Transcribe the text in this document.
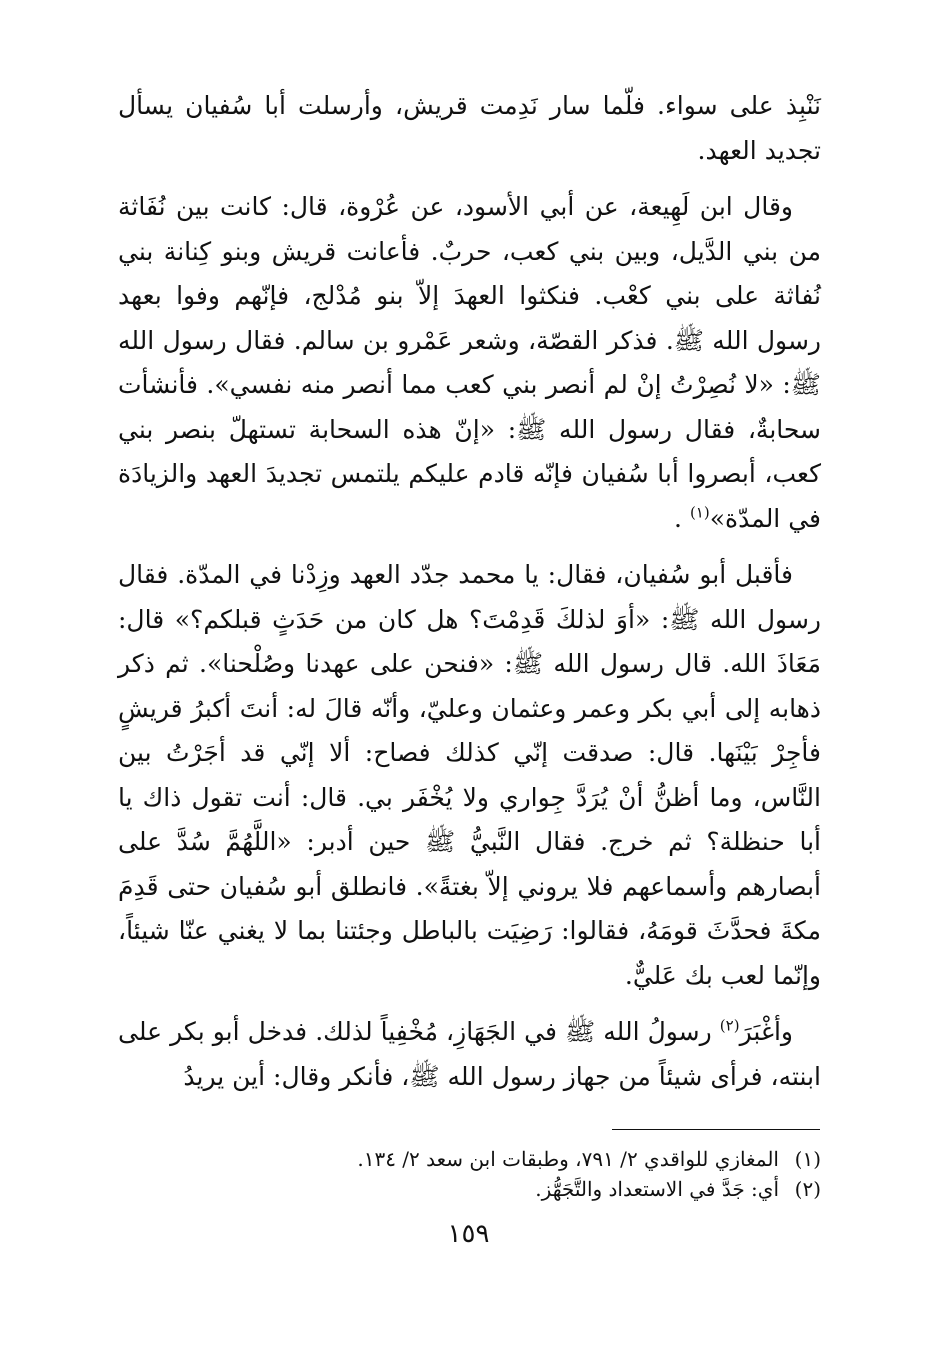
نَنْبِذ على سواء. فلّما سار نَدِمت قريش، وأرسلت أبا سُفيان يسأل تجديد العهد.

وقال ابن لَهِيعة، عن أبي الأسود، عن عُرْوة، قال: كانت بين نُفَاثة من بني الدَّيل، وبين بني كعب، حربٌ. فأعانت قريش وبنو كِنانة بني نُفاثة على بني كعْب. فنكثوا العهدَ إلاّ بنو مُدْلج، فإنّهم وفوا بعهد رسول الله ﷺ. فذكر القصّة، وشعر عَمْرو بن سالم. فقال رسول الله ﷺ: «لا نُصِرْتُ إنْ لم أنصر بني كعب مما أنصر منه نفسي». فأنشأت سحابةٌ، فقال رسول الله ﷺ: «إنّ هذه السحابة تستهلّ بنصر بني كعب، أبصروا أبا سُفيان فإنّه قادم عليكم يلتمس تجديدَ العهد والزيادَة في المدّة»$^{(١)}$ .

فأقبل أبو سُفيان، فقال: يا محمد جدّد العهد وزِدْنا في المدّة. فقال رسول الله ﷺ: «أوَ لذلكَ قَدِمْتَ؟ هل كان من حَدَثٍ قبلكم؟» قال: مَعَاذَ الله. قال رسول الله ﷺ: «فنحن على عهدنا وصُلْحنا». ثم ذكر ذهابه إلى أبي بكر وعمر وعثمان وعليّ، وأنّه قالَ له: أنتَ أكبرُ قريشٍ فأجِرْ بَيْنَها. قال: صدقت إنّي كذلك فصاح: ألا إنّي قد أجَرْتُ بين النَّاس، وما أظنُّ أنْ يُرَدَّ جِواري ولا يُخْفَر بي. قال: أنت تقول ذاك يا أبا حنظلة؟ ثم خرج. فقال النَّبيُّ ﷺ حين أدبر: «اللَّهُمَّ سُدَّ على أبصارهم وأسماعهم فلا يروني إلاّ بغتةً». فانطلق أبو سُفيان حتى قَدِمَ مكةَ فحدَّثَ قومَهُ، فقالوا: رَضِيَت بالباطل وجئتنا بما لا يغني عنّا شيئاً، وإنّما لعب بك عَليٌّ.

وأغْبَرَ$^{(٢)}$ رسولُ الله ﷺ في الجَهَازِ، مُخْفِياً لذلك. فدخل أبو بكر على ابنته، فرأى شيئاً من جهاز رسول الله ﷺ، فأنكر وقال: أين يريدُ

(١)المغازي للواقدي ٢/ ٧٩١، وطبقات ابن سعد ٢/ ١٣٤.
(٢)أي: جَدَّ في الاستعداد والتَّجَهُّز.
١٥٩
